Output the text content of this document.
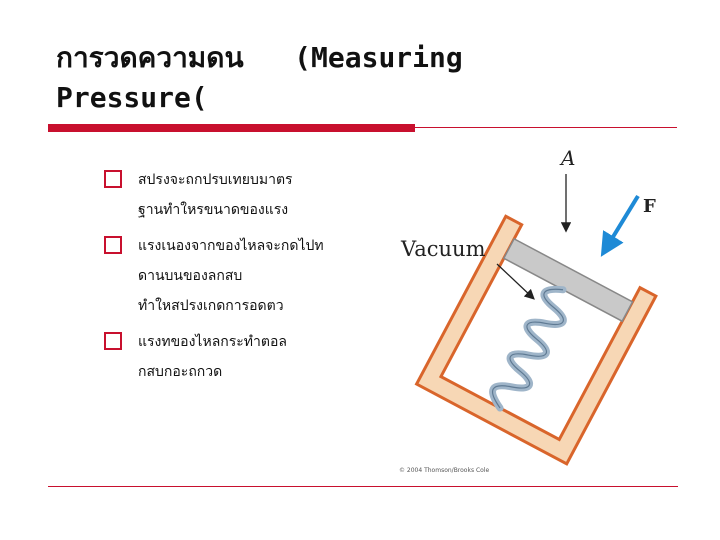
การวดความดน   (Measuring
Pressure(
สปรงจะถกปรบเทยบมาตร
ฐานทำใหรขนาดของแรง
แรงเนองจากของไหลจะกดไปท
ดานบนของลกสบ
ทำใหสปรงเกดการอดตว
แรงทของไหลกระทำตอล
กสบกอะถกวด
A
F
Vacuum
© 2004 Thomson/Brooks Cole
